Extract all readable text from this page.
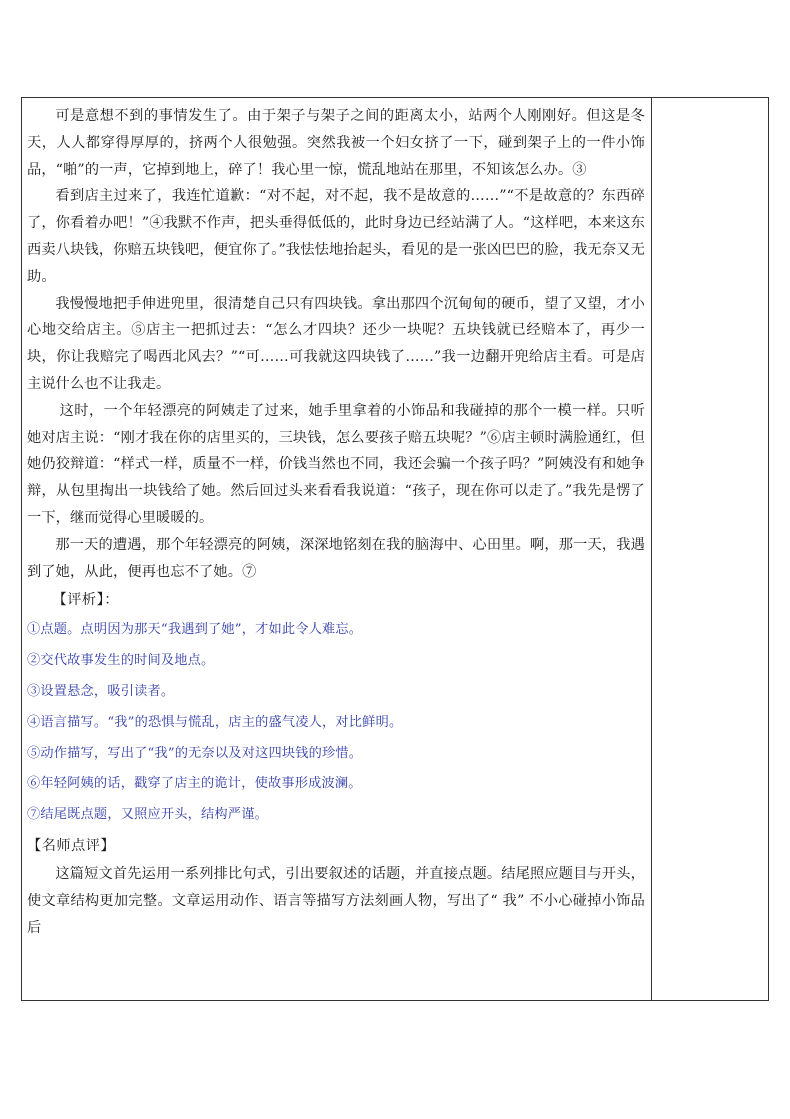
可是意想不到的事情发生了。由于架子与架子之间的距离太小，站两个人刚刚好。但这是冬天，人人都穿得厚厚的，挤两个人很勉强。突然我被一个妇女挤了一下，碰到架子上的一件小饰品，“啪”的一声，它掉到地上，碎了！我心里一惊，慌乱地站在那里，不知该怎么办。③

看到店主过来了，我连忙道歉：“对不起，对不起，我不是故意的……”“不是故意的？东西碎了，你看着办吧！”④我默不作声，把头垂得低低的，此时身边已经站满了人。“这样吧，本来这东西卖八块钱，你赔五块钱吧，便宜你了。”我怯怯地抬起头，看见的是一张凶巴巴的脸，我无奈又无助。

我慢慢地把手伸进兜里，很清楚自己只有四块钱。拿出那四个沉甸甸的硬币，望了又望，才小心地交给店主。⑤店主一把抓过去：“怎么才四块？还少一块呢？五块钱就已经赔本了，再少一块，你让我赔完了喝西北风去？”“可……可我就这四块钱了……”我一边翻开兜给店主看。可是店主说什么也不让我走。

这时，一个年轻漂亮的阿姨走了过来，她手里拿着的小饰品和我碰掉的那个一模一样。只听她对店主说：“刚才我在你的店里买的，三块钱，怎么要孩子赔五块呢？”⑥店主顿时满脸通红，但她仍狡辩道：“样式一样，质量不一样，价钱当然也不同，我还会骗一个孩子吗？”阿姨没有和她争辩，从包里掏出一块钱给了她。然后回过头来看看我说道：“孩子，现在你可以走了。”我先是愣了一下，继而觉得心里暖暖的。

那一天的遭遇，那个年轻漂亮的阿姨，深深地铭刻在我的脑海中、心田里。啊，那一天，我遇到了她，从此，便再也忘不了她。⑦

【评析】：

①点题。点明因为那天“我遇到了她”，才如此令人难忘。

②交代故事发生的时间及地点。

③设置悬念，吸引读者。

④语言描写。“我”的恐惧与慌乱，店主的盛气凌人，对比鲜明。

⑤动作描写，写出了“我”的无奈以及对这四块钱的珍惜。

⑥年轻阿姨的话，戳穿了店主的诡计，使故事形成波澜。

⑦结尾既点题，又照应开头，结构严谨。

【名师点评】

这篇短文首先运用一系列排比句式，引出要叙述的话题，并直接点题。结尾照应题目与开头，使文章结构更加完整。文章运用动作、语言等描写方法刻画人物，写出了“ 我” 不小心碰掉小饰品后
